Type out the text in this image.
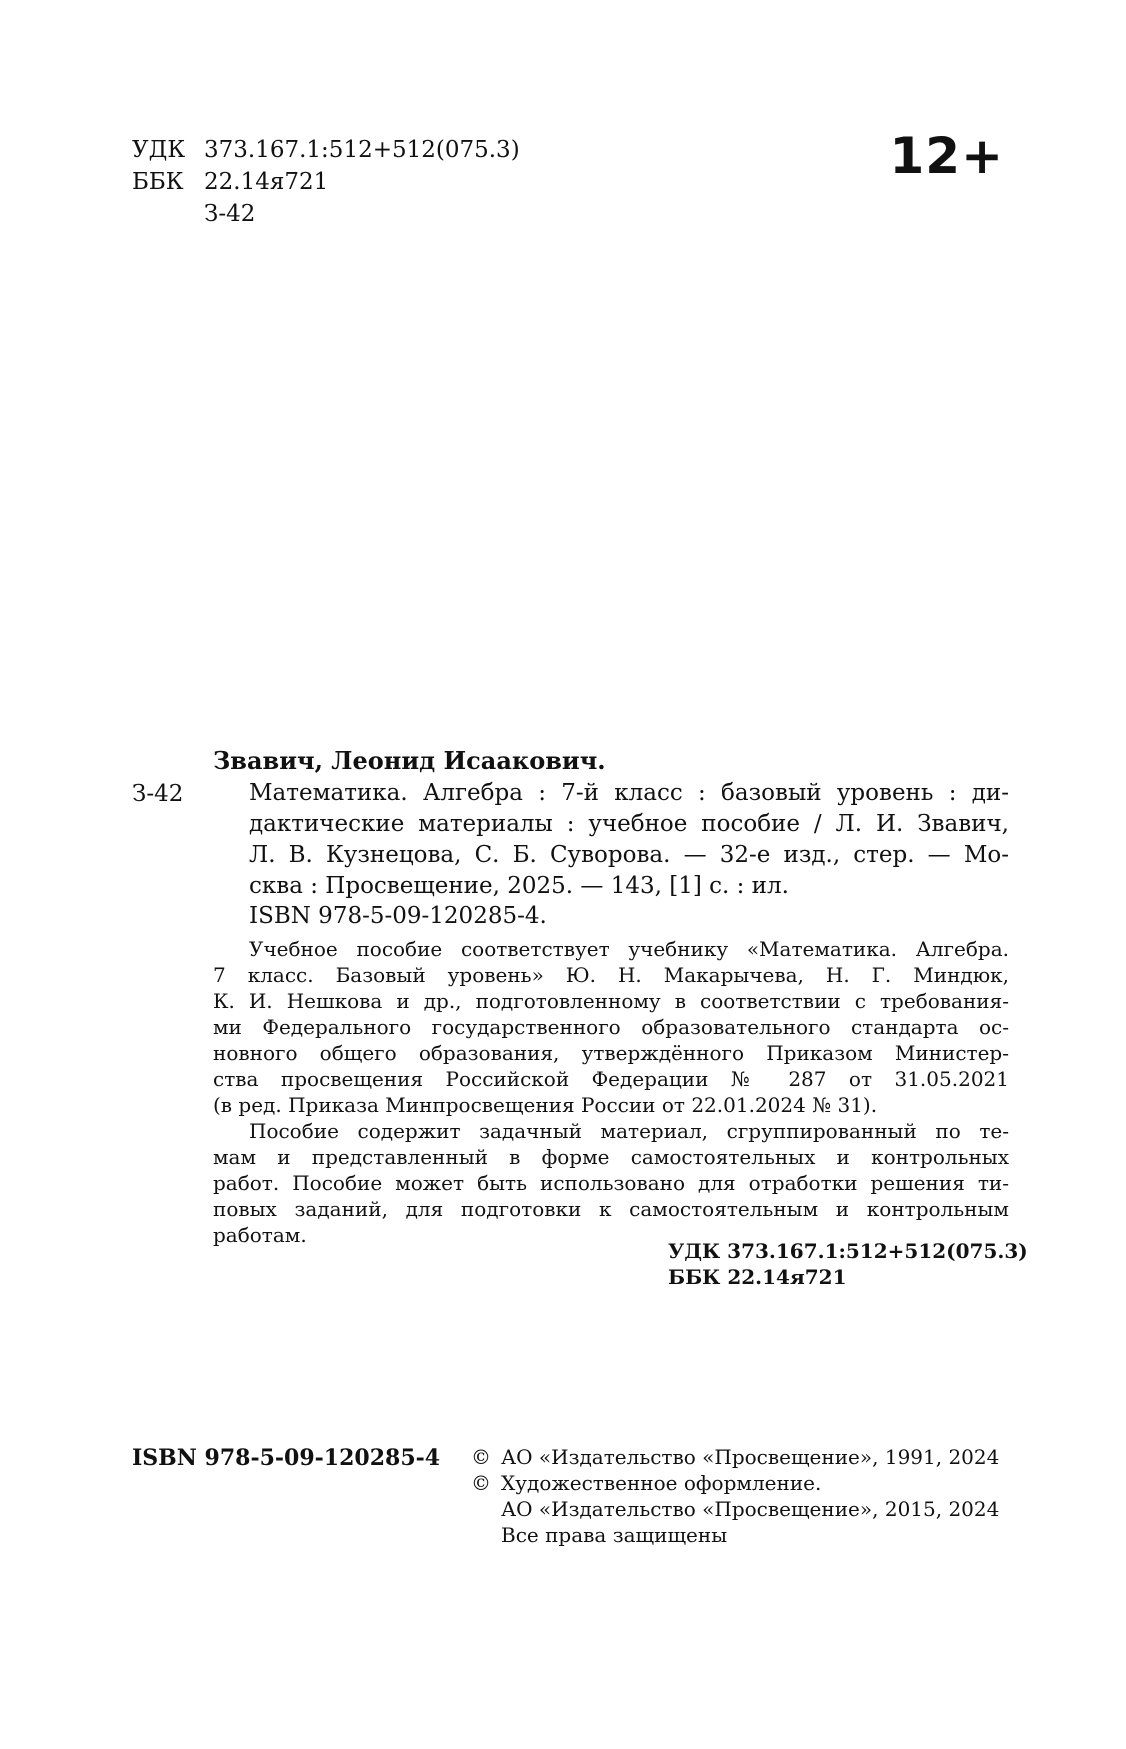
УДК 373.167.1:512+512(075.3)
ББК 22.14я721
З-42
12+
Звавич, Леонид Исаакович.
З-42	Математика. Алгебра : 7-й класс : базовый уровень : ди-
дактические материалы : учебное пособие / Л. И. Звавич,
Л. В. Кузнецова, С. Б. Суворова. — 32-е изд., стер. — Мо-
сква : Просвещение, 2025. — 143, [1] с. : ил.
ISBN 978-5-09-120285-4.
Учебное пособие соответствует учебнику «Математика. Алгебра.
7 класс. Базовый уровень» Ю. Н. Макарычева, Н. Г. Миндюк,
К. И. Нешкова и др., подготовленному в соответствии с требования-
ми Федерального государственного образовательного стандарта ос-
новного общего образования, утверждённого Приказом Министер-
ства просвещения Российской Федерации № 287 от 31.05.2021
(в ред. Приказа Минпросвещения России от 22.01.2024 № 31).
Пособие содержит задачный материал, сгруппированный по те-
мам и представленный в форме самостоятельных и контрольных
работ. Пособие может быть использовано для отработки решения ти-
повых заданий, для подготовки к самостоятельным и контрольным
работам.
УДК 373.167.1:512+512(075.3)
ББК 22.14я721
ISBN 978-5-09-120285-4 © АО «Издательство «Просвещение», 1991, 2024
© Художественное оформление.
АО «Издательство «Просвещение», 2015, 2024
Все права защищены
